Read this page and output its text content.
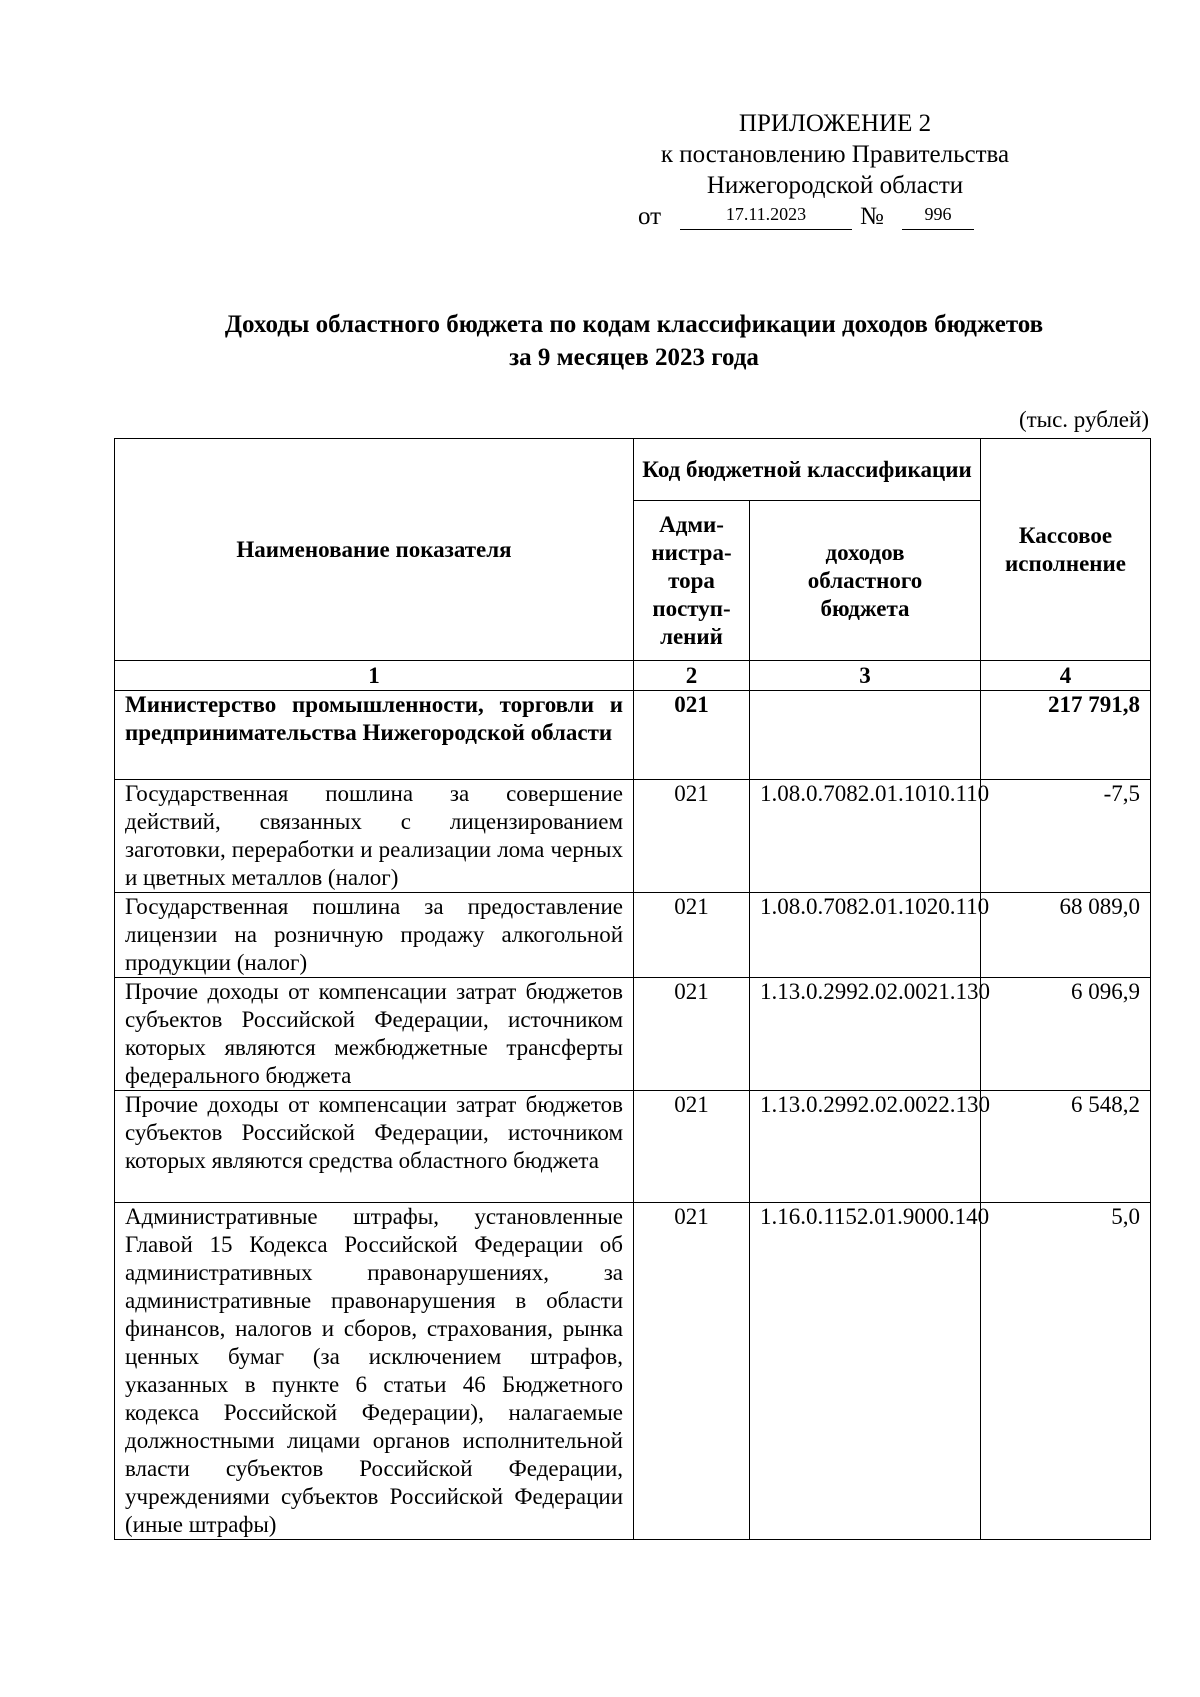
ПРИЛОЖЕНИЕ 2
к постановлению Правительства
Нижегородской области
от	17.11.2023	№	996
Доходы областного бюджета по кодам классификации доходов бюджетов
за 9 месяцев 2023 года
(тыс. рублей)
Наименование показателя	Код бюджетной классификации		Кассовое исполнение
	Адми-нистра-тора поступ-лений	доходов областного бюджета	
1	2	3	4
Министерство промышленности, торговли и предпринимательства Нижегородской области	021		217 791,8
Государственная пошлина за совершение действий, связанных с лицензированием заготовки, переработки и реализации лома черных и цветных металлов (налог)	021	1.08.0.7082.01.1010.110	-7,5
Государственная пошлина за предоставление лицензии на розничную продажу алкогольной продукции (налог)	021	1.08.0.7082.01.1020.110	68 089,0
Прочие доходы от компенсации затрат бюджетов субъектов Российской Федерации, источником которых являются межбюджетные трансферты федерального бюджета	021	1.13.0.2992.02.0021.130	6 096,9
Прочие доходы от компенсации затрат бюджетов субъектов Российской Федерации, источником которых являются средства областного бюджета	021	1.13.0.2992.02.0022.130	6 548,2
Административные штрафы, установленные Главой 15 Кодекса Российской Федерации об административных правонарушениях, за административные правонарушения в области финансов, налогов и сборов, страхования, рынка ценных бумаг (за исключением штрафов, указанных в пункте 6 статьи 46 Бюджетного кодекса Российской Федерации), налагаемые должностными лицами органов исполнительной власти субъектов Российской Федерации, учреждениями субъектов Российской Федерации (иные штрафы)	021	1.16.0.1152.01.9000.140	5,0
